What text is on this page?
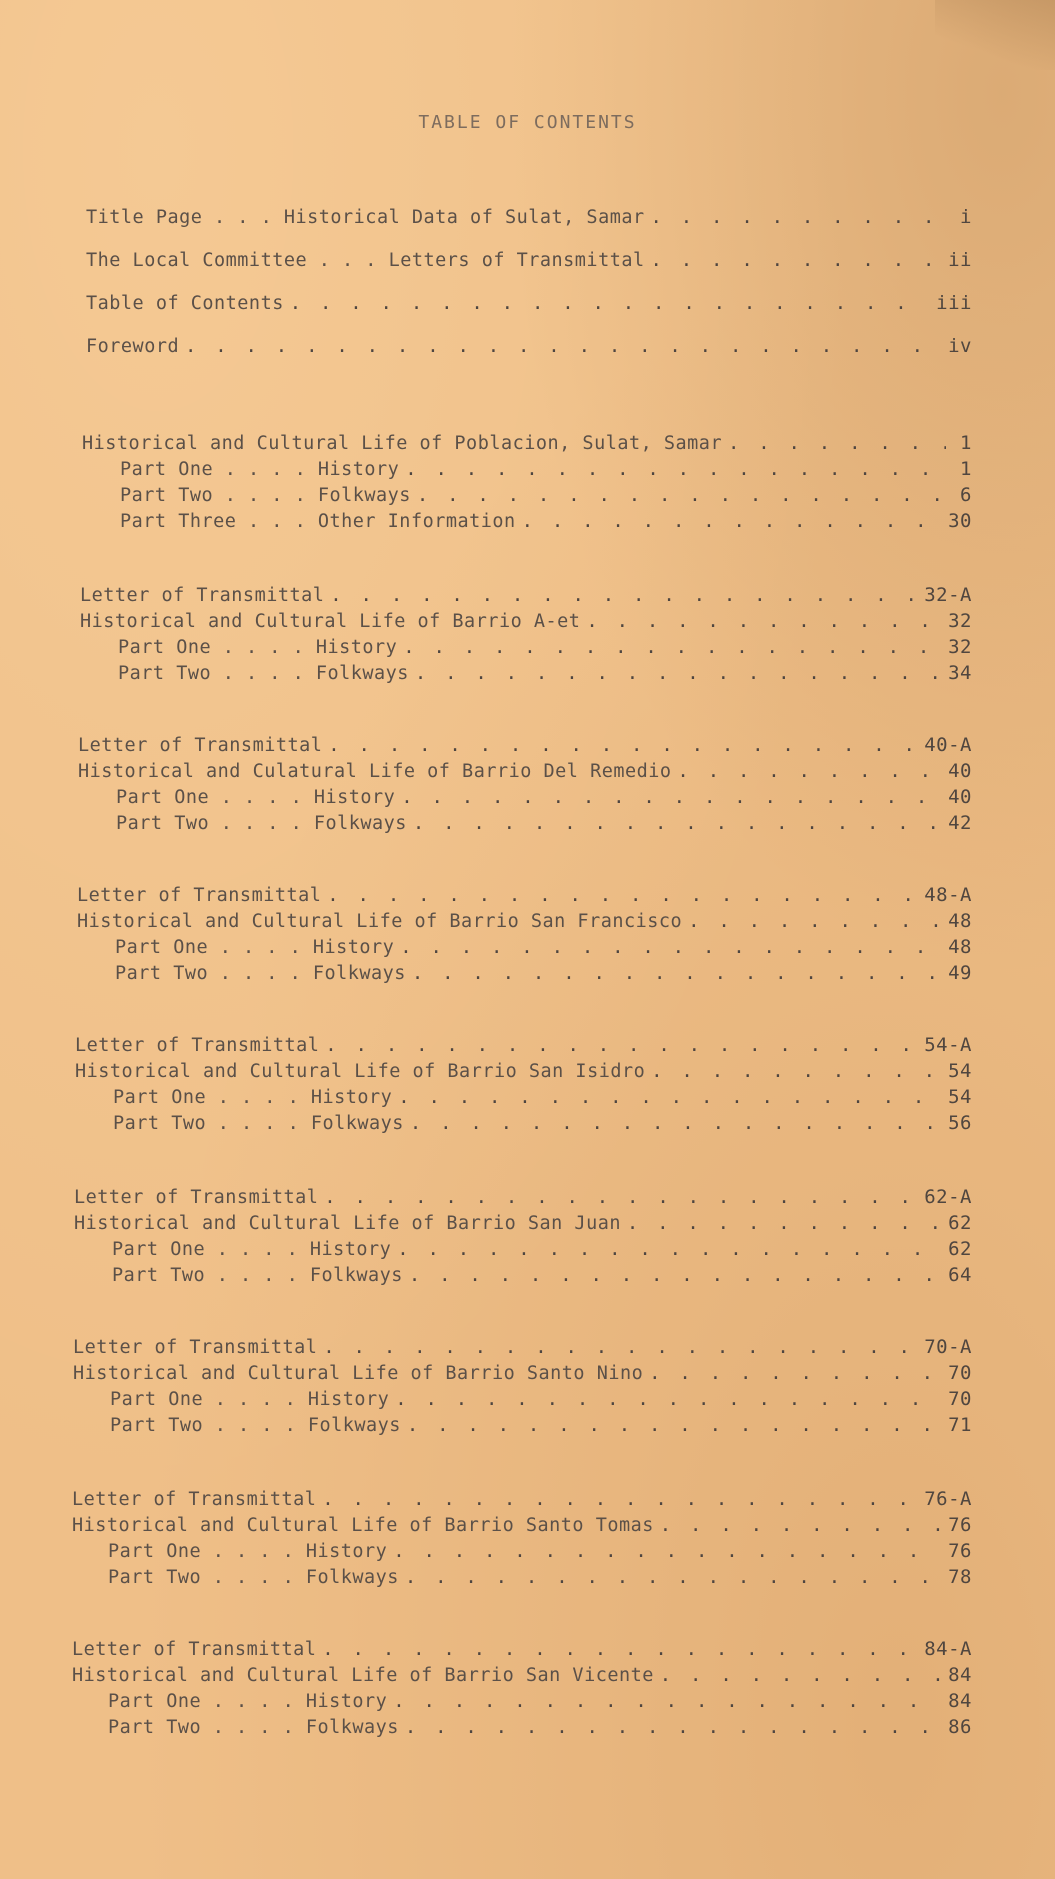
TABLE OF CONTENTS
Title Page . . . Historical Data of Sulat, Samar . . .	i
The Local Committee . . . Letters of Transmittal . . .	ii
Table of Contents . . .	iii
Foreword . . .	iv
Historical and Cultural Life of Poblacion, Sulat, Samar . . .	1
Part One . . . . History . . .	1
Part Two . . . . Folkways . . .	6
Part Three . . . Other Information . . .	30
Letter of Transmittal . . .	32-A
Historical and Cultural Life of Barrio A-et . . .	32
Part One . . . . History . . .	32
Part Two . . . . Folkways . . .	34
Letter of Transmittal . . .	40-A
Historical and Culatural Life of Barrio Del Remedio . . .	40
Part One . . . . History . . .	40
Part Two . . . . Folkways . . .	42
Letter of Transmittal . . .	48-A
Historical and Cultural Life of Barrio San Francisco . . .	48
Part One . . . . History . . .	48
Part Two . . . . Folkways . . .	49
Letter of Transmittal . . .	54-A
Historical and Cultural Life of Barrio San Isidro . . .	54
Part One . . . . History . . .	54
Part Two . . . . Folkways . . .	56
Letter of Transmittal . . .	62-A
Historical and Cultural Life of Barrio San Juan . . .	62
Part One . . . . History . . .	62
Part Two . . . . Folkways . . .	64
Letter of Transmittal . . .	70-A
Historical and Cultural Life of Barrio Santo Nino . . .	70
Part One . . . . History . . .	70
Part Two . . . . Folkways . . .	71
Letter of Transmittal . . .	76-A
Historical and Cultural Life of Barrio Santo Tomas . . .	76
Part One . . . . History . . .	76
Part Two . . . . Folkways . . .	78
Letter of Transmittal . . .	84-A
Historical and Cultural Life of Barrio San Vicente . . .	84
Part One . . . . History . . .	84
Part Two . . . . Folkways . . .	86
